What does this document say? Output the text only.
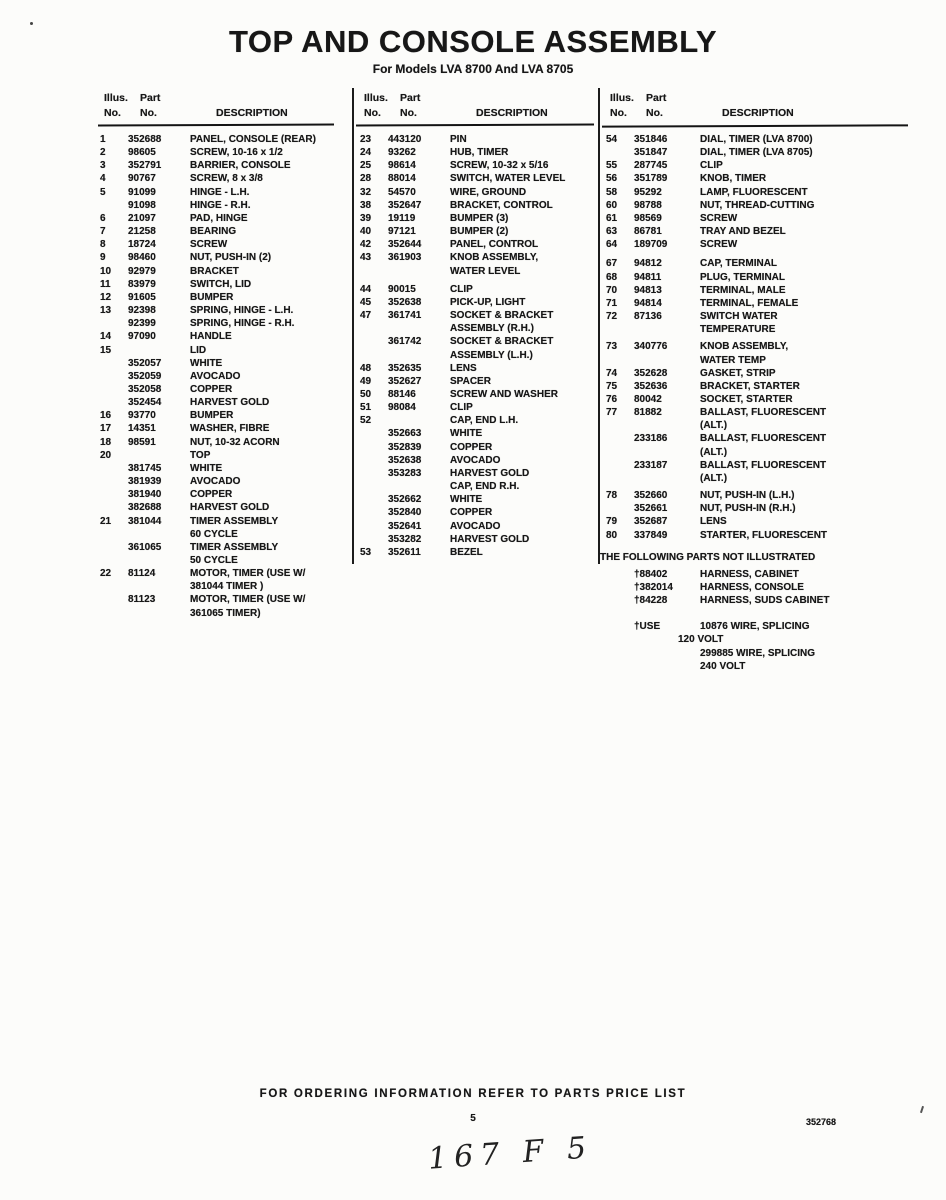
TOP AND CONSOLE ASSEMBLY
For Models LVA 8700 And LVA 8705
Illus.	Part
No.	No.	DESCRIPTION
Illus.	Part
No.	No.	DESCRIPTION
Illus.	Part
No.	No.	DESCRIPTION
1	352688	PANEL, CONSOLE (REAR)
2	98605	SCREW, 10-16 x 1/2
3	352791	BARRIER, CONSOLE
4	90767	SCREW, 8 x 3/8
5	91099	HINGE - L.H.
91098	HINGE - R.H.
6	21097	PAD, HINGE
7	21258	BEARING
8	18724	SCREW
9	98460	NUT, PUSH-IN (2)
10	92979	BRACKET
11	83979	SWITCH, LID
12	91605	BUMPER
13	92398	SPRING, HINGE - L.H.
92399	SPRING, HINGE - R.H.
14	97090	HANDLE
15	LID
352057	WHITE
352059	AVOCADO
352058	COPPER
352454	HARVEST GOLD
16	93770	BUMPER
17	14351	WASHER, FIBRE
18	98591	NUT, 10-32 ACORN
20	TOP
381745	WHITE
381939	AVOCADO
381940	COPPER
382688	HARVEST GOLD
21	381044	TIMER ASSEMBLY
60 CYCLE
361065	TIMER ASSEMBLY
50 CYCLE
22	81124	MOTOR, TIMER (USE W/
381044 TIMER )
81123	MOTOR, TIMER (USE W/
361065 TIMER)
23	443120	PIN
24	93262	HUB, TIMER
25	98614	SCREW, 10-32 x 5/16
28	88014	SWITCH, WATER LEVEL
32	54570	WIRE, GROUND
38	352647	BRACKET, CONTROL
39	19119	BUMPER (3)
40	97121	BUMPER (2)
42	352644	PANEL, CONTROL
43	361903	KNOB ASSEMBLY,
WATER LEVEL
44	90015	CLIP
45	352638	PICK-UP, LIGHT
47	361741	SOCKET & BRACKET
ASSEMBLY (R.H.)
361742	SOCKET & BRACKET
ASSEMBLY (L.H.)
48	352635	LENS
49	352627	SPACER
50	88146	SCREW AND WASHER
51	98084	CLIP
52	CAP, END L.H.
352663	WHITE
352839	COPPER
352638	AVOCADO
353283	HARVEST GOLD
CAP, END R.H.
352662	WHITE
352840	COPPER
352641	AVOCADO
353282	HARVEST GOLD
53	352611	BEZEL
54	351846	DIAL, TIMER (LVA 8700)
351847	DIAL, TIMER (LVA 8705)
55	287745	CLIP
56	351789	KNOB, TIMER
58	95292	LAMP, FLUORESCENT
60	98788	NUT, THREAD-CUTTING
61	98569	SCREW
63	86781	TRAY AND BEZEL
64	189709	SCREW
67	94812	CAP, TERMINAL
68	94811	PLUG, TERMINAL
70	94813	TERMINAL, MALE
71	94814	TERMINAL, FEMALE
72	87136	SWITCH WATER
TEMPERATURE
73	340776	KNOB ASSEMBLY,
WATER TEMP
74	352628	GASKET, STRIP
75	352636	BRACKET, STARTER
76	80042	SOCKET, STARTER
77	81882	BALLAST, FLUORESCENT
(ALT.)
233186	BALLAST, FLUORESCENT
(ALT.)
233187	BALLAST, FLUORESCENT
(ALT.)
78	352660	NUT, PUSH-IN (L.H.)
352661	NUT, PUSH-IN (R.H.)
79	352687	LENS
80	337849	STARTER, FLUORESCENT
THE FOLLOWING PARTS NOT ILLUSTRATED
†88402	HARNESS, CABINET
†382014	HARNESS, CONSOLE
†84228	HARNESS, SUDS CABINET
†USE	10876 WIRE, SPLICING
120 VOLT
299885 WIRE, SPLICING
240 VOLT
FOR ORDERING INFORMATION REFER TO PARTS PRICE LIST
5	352768
167 F 5
